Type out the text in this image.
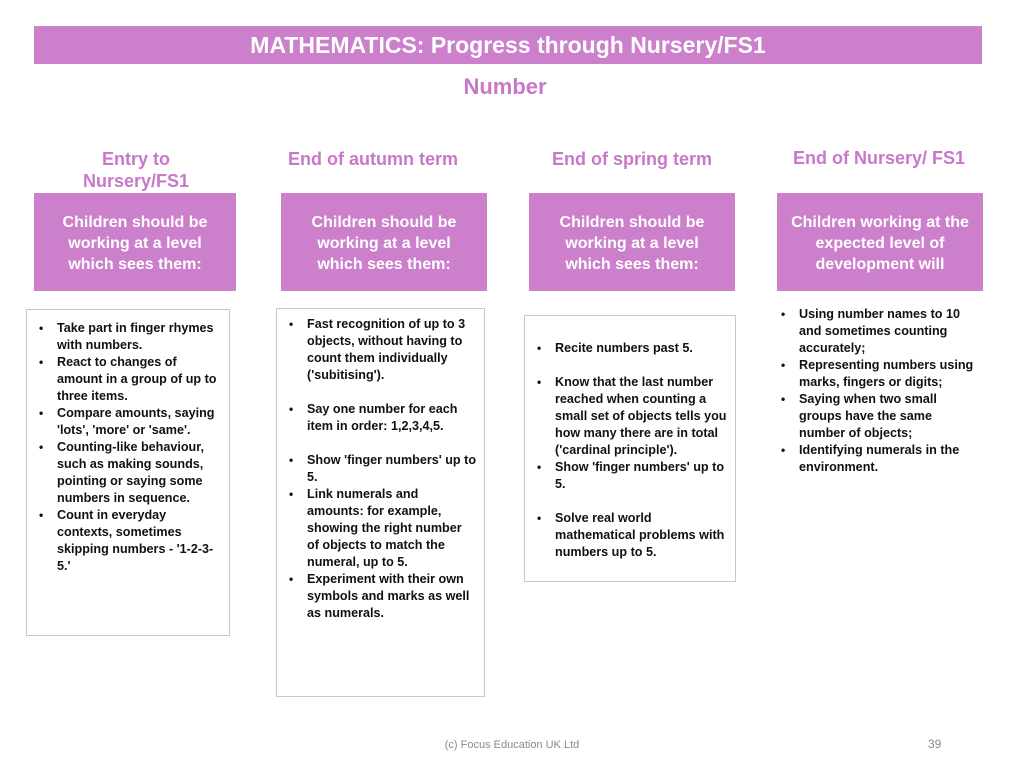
MATHEMATICS: Progress through Nursery/FS1
Number
Entry to Nursery/FS1
End of autumn term	End of spring term	End of Nursery/ FS1
Children should be working at a level which sees them:
Children should be working at a level which sees them:
Children should be working at a level which sees them:
Children working at the expected level of development will
• Take part in finger rhymes with numbers.
• React to changes of amount in a group of up to three items.
• Compare amounts, saying 'lots', 'more' or 'same'.
• Counting-like behaviour, such as making sounds, pointing or saying some numbers in sequence.
• Count in everyday contexts, sometimes skipping numbers - '1-2-3-5.'
• Fast recognition of up to 3 objects, without having to count them individually ('subitising').
• Say one number for each item in order: 1,2,3,4,5.
• Show 'finger numbers' up to 5.
• Link numerals and amounts: for example, showing the right number of objects to match the numeral, up to 5.
• Experiment with their own symbols and marks as well as numerals.
• Recite numbers past 5.
• Know that the last number reached when counting a small set of objects tells you how many there are in total ('cardinal principle').
• Show 'finger numbers' up to 5.
• Solve real world mathematical problems with numbers up to 5.
• Using number names to 10 and sometimes counting accurately;
• Representing numbers using marks, fingers or digits;
• Saying when two small groups have the same number of objects;
• Identifying numerals in the environment.
(c) Focus Education UK Ltd	39
